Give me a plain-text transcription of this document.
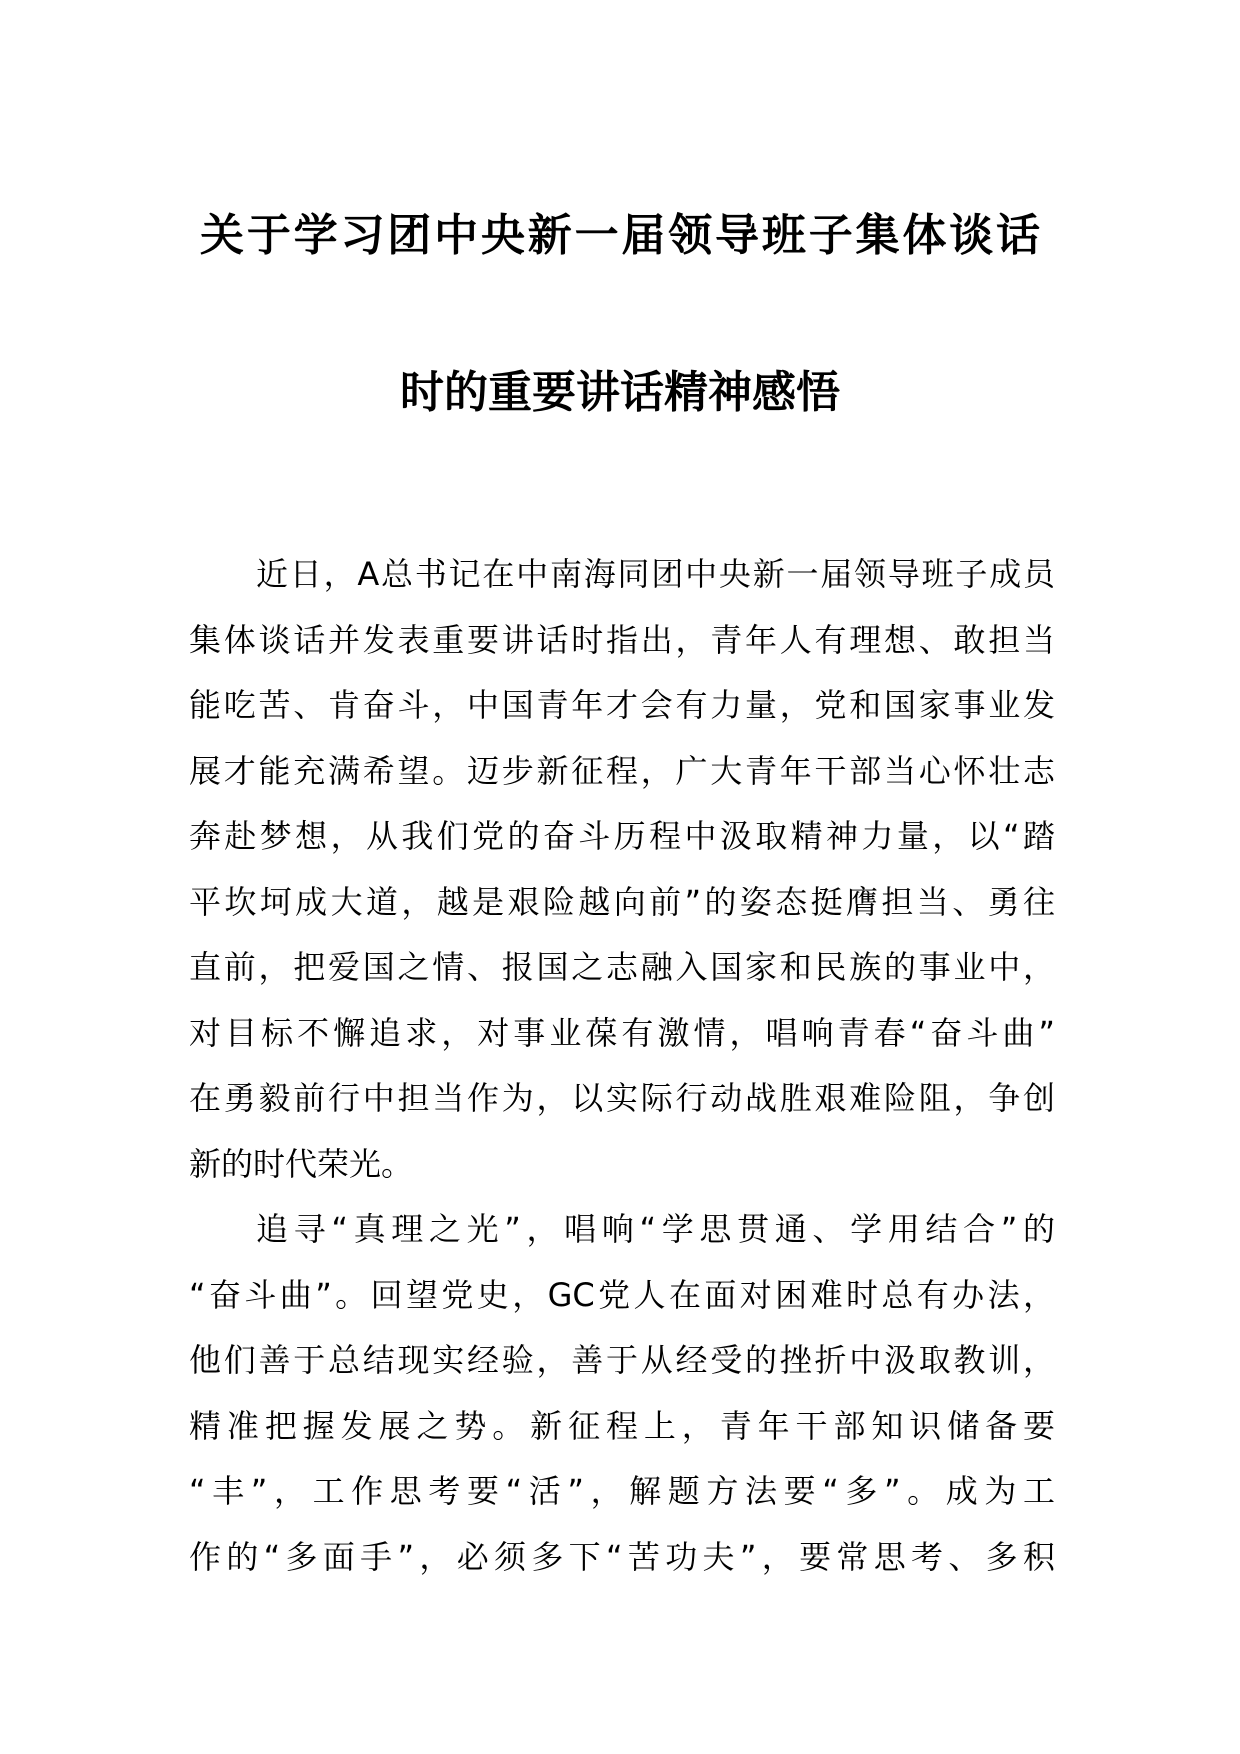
关于学习团中央新一届领导班子集体谈话
时的重要讲话精神感悟
近日，A总书记在中南海同团中央新一届领导班子成员
集体谈话并发表重要讲话时指出，青年人有理想、敢担当
能吃苦、肯奋斗，中国青年才会有力量，党和国家事业发
展才能充满希望。迈步新征程，广大青年干部当心怀壮志
奔赴梦想，从我们党的奋斗历程中汲取精神力量，以“踏
平坎坷成大道，越是艰险越向前”的姿态挺膺担当、勇往
直前，把爱国之情、报国之志融入国家和民族的事业中，
对目标不懈追求，对事业葆有激情，唱响青春“奋斗曲”
在勇毅前行中担当作为，以实际行动战胜艰难险阻，争创
新的时代荣光。
追寻“真理之光”，唱响“学思贯通、学用结合”的
“奋斗曲”。回望党史，GC党人在面对困难时总有办法，
他们善于总结现实经验，善于从经受的挫折中汲取教训，
精准把握发展之势。新征程上，青年干部知识储备要
“丰”，工作思考要“活”，解题方法要“多”。成为工
作的“多面手”，必须多下“苦功夫”，要常思考、多积
